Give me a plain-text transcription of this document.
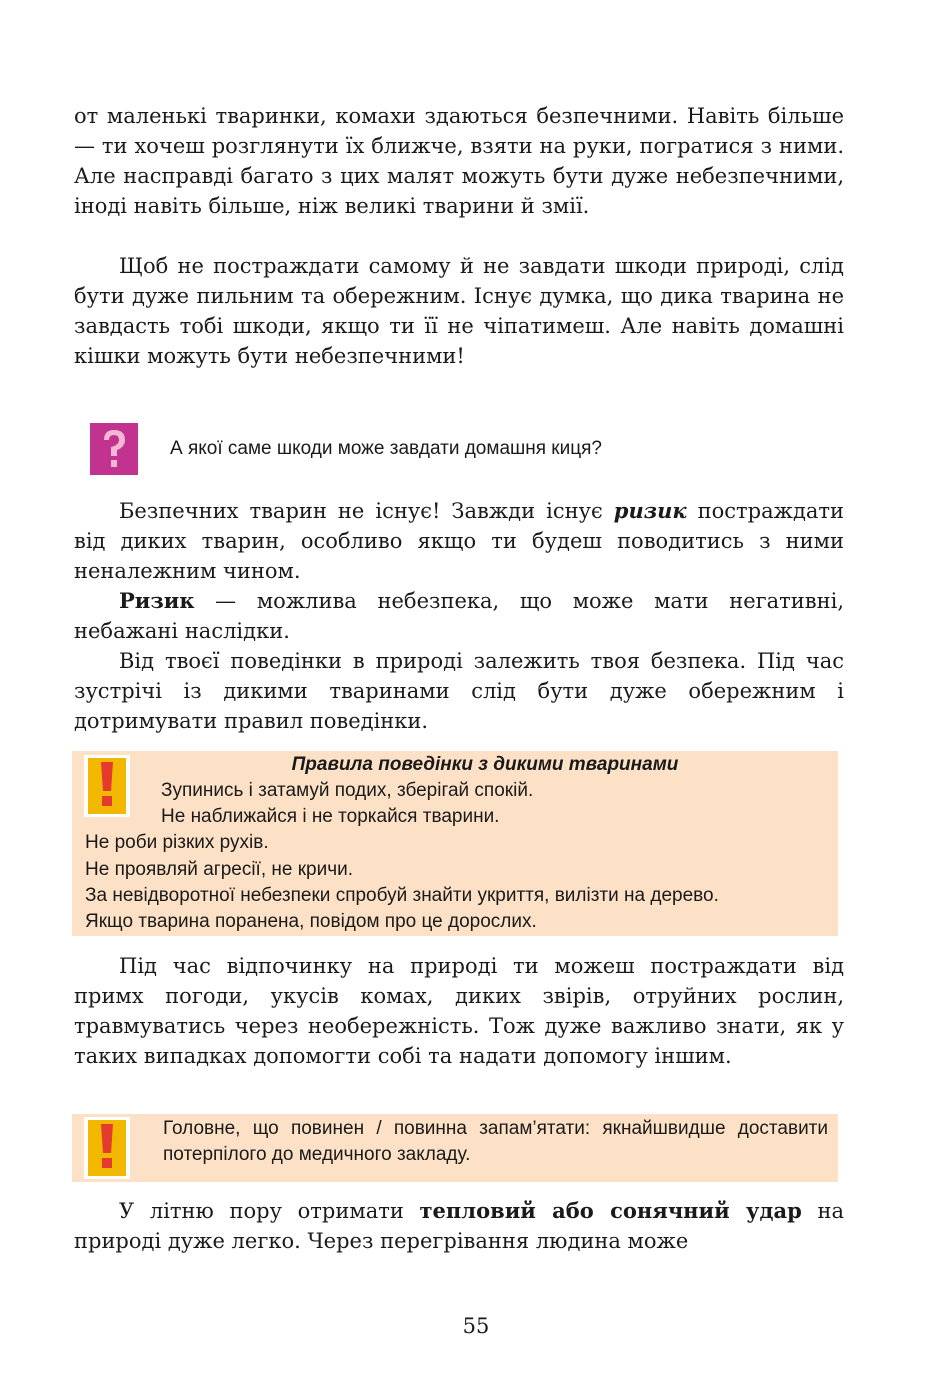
от маленькі тваринки, комахи здаються безпечними. Навіть більше — ти хочеш розглянути їх ближче, взяти на руки, погратися з ними. Але насправді багато з цих малят можуть бути дуже небезпечними, іноді навіть більше, ніж великі тварини й змії.

Щоб не постраждати самому й не завдати шкоди природі, слід бути дуже пильним та обережним. Існує думка, що дика тварина не завдасть тобі шкоди, якщо ти її не чіпатимеш. Але навіть домашні кішки можуть бути небезпечними!

А якої саме шкоди може завдати домашня киця?

Безпечних тварин не існує! Завжди існує ризик постраждати від диких тварин, особливо якщо ти будеш поводитись з ними неналежним чином.

Ризик — можлива небезпека, що може мати негативні, небажані наслідки.

Від твоєї поведінки в природі залежить твоя безпека. Під час зустрічі із дикими тваринами слід бути дуже обережним і дотримувати правил поведінки.

Правила поведінки з дикими тваринами
Зупинись і затамуй подих, зберігай спокій.
Не наближайся і не торкайся тварини.
Не роби різких рухів.
Не проявляй агресії, не кричи.
За невідворотної небезпеки спробуй знайти укриття, вилізти на дерево.
Якщо тварина поранена, повідом про це дорослих.

Під час відпочинку на природі ти можеш постраждати від примх погоди, укусів комах, диких звірів, отруйних рослин, травмуватись через необережність. Тож дуже важливо знати, як у таких випадках допомогти собі та надати допомогу іншим.

Головне, що повинен / повинна запам’ятати: якнайшвидше доставити потерпілого до медичного закладу.

У літню пору отримати тепловий або сонячний удар на природі дуже легко. Через перегрівання людина може

55
